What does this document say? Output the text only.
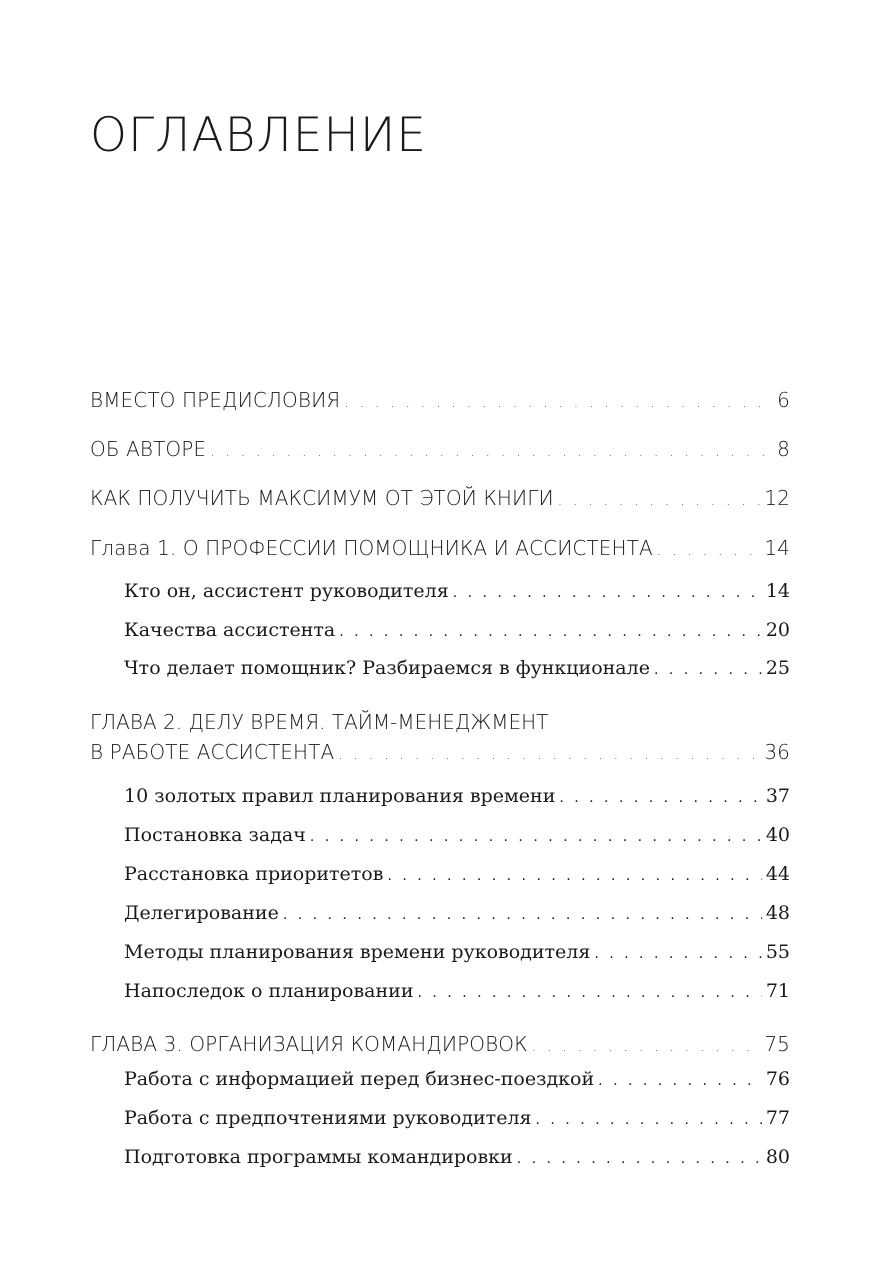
ОГЛАВЛЕНИЕ
ВМЕСТО ПРЕДИСЛОВИЯ . . .	6
ОБ АВТОРЕ . . .	8
КАК ПОЛУЧИТЬ МАКСИМУМ ОТ ЭТОЙ КНИГИ . . .	12
Глава 1. О ПРОФЕССИИ ПОМОЩНИКА И АССИСТЕНТА . . .	14
Кто он, ассистент руководителя . . .	14
Качества ассистента . . .	20
Что делает помощник? Разбираемся в функционале . . .	25
ГЛАВА 2. ДЕЛУ ВРЕМЯ. ТАЙМ-МЕНЕДЖМЕНТ
В РАБОТЕ АССИСТЕНТА . . .	36
10 золотых правил планирования времени . . .	37
Постановка задач . . .	40
Расстановка приоритетов . . .	44
Делегирование . . .	48
Методы планирования времени руководителя . . .	55
Напоследок о планировании . . .	71
ГЛАВА 3. ОРГАНИЗАЦИЯ КОМАНДИРОВОК . . .	75
Работа с информацией перед бизнес-поездкой . . .	76
Работа с предпочтениями руководителя . . .	77
Подготовка программы командировки . . .	80
